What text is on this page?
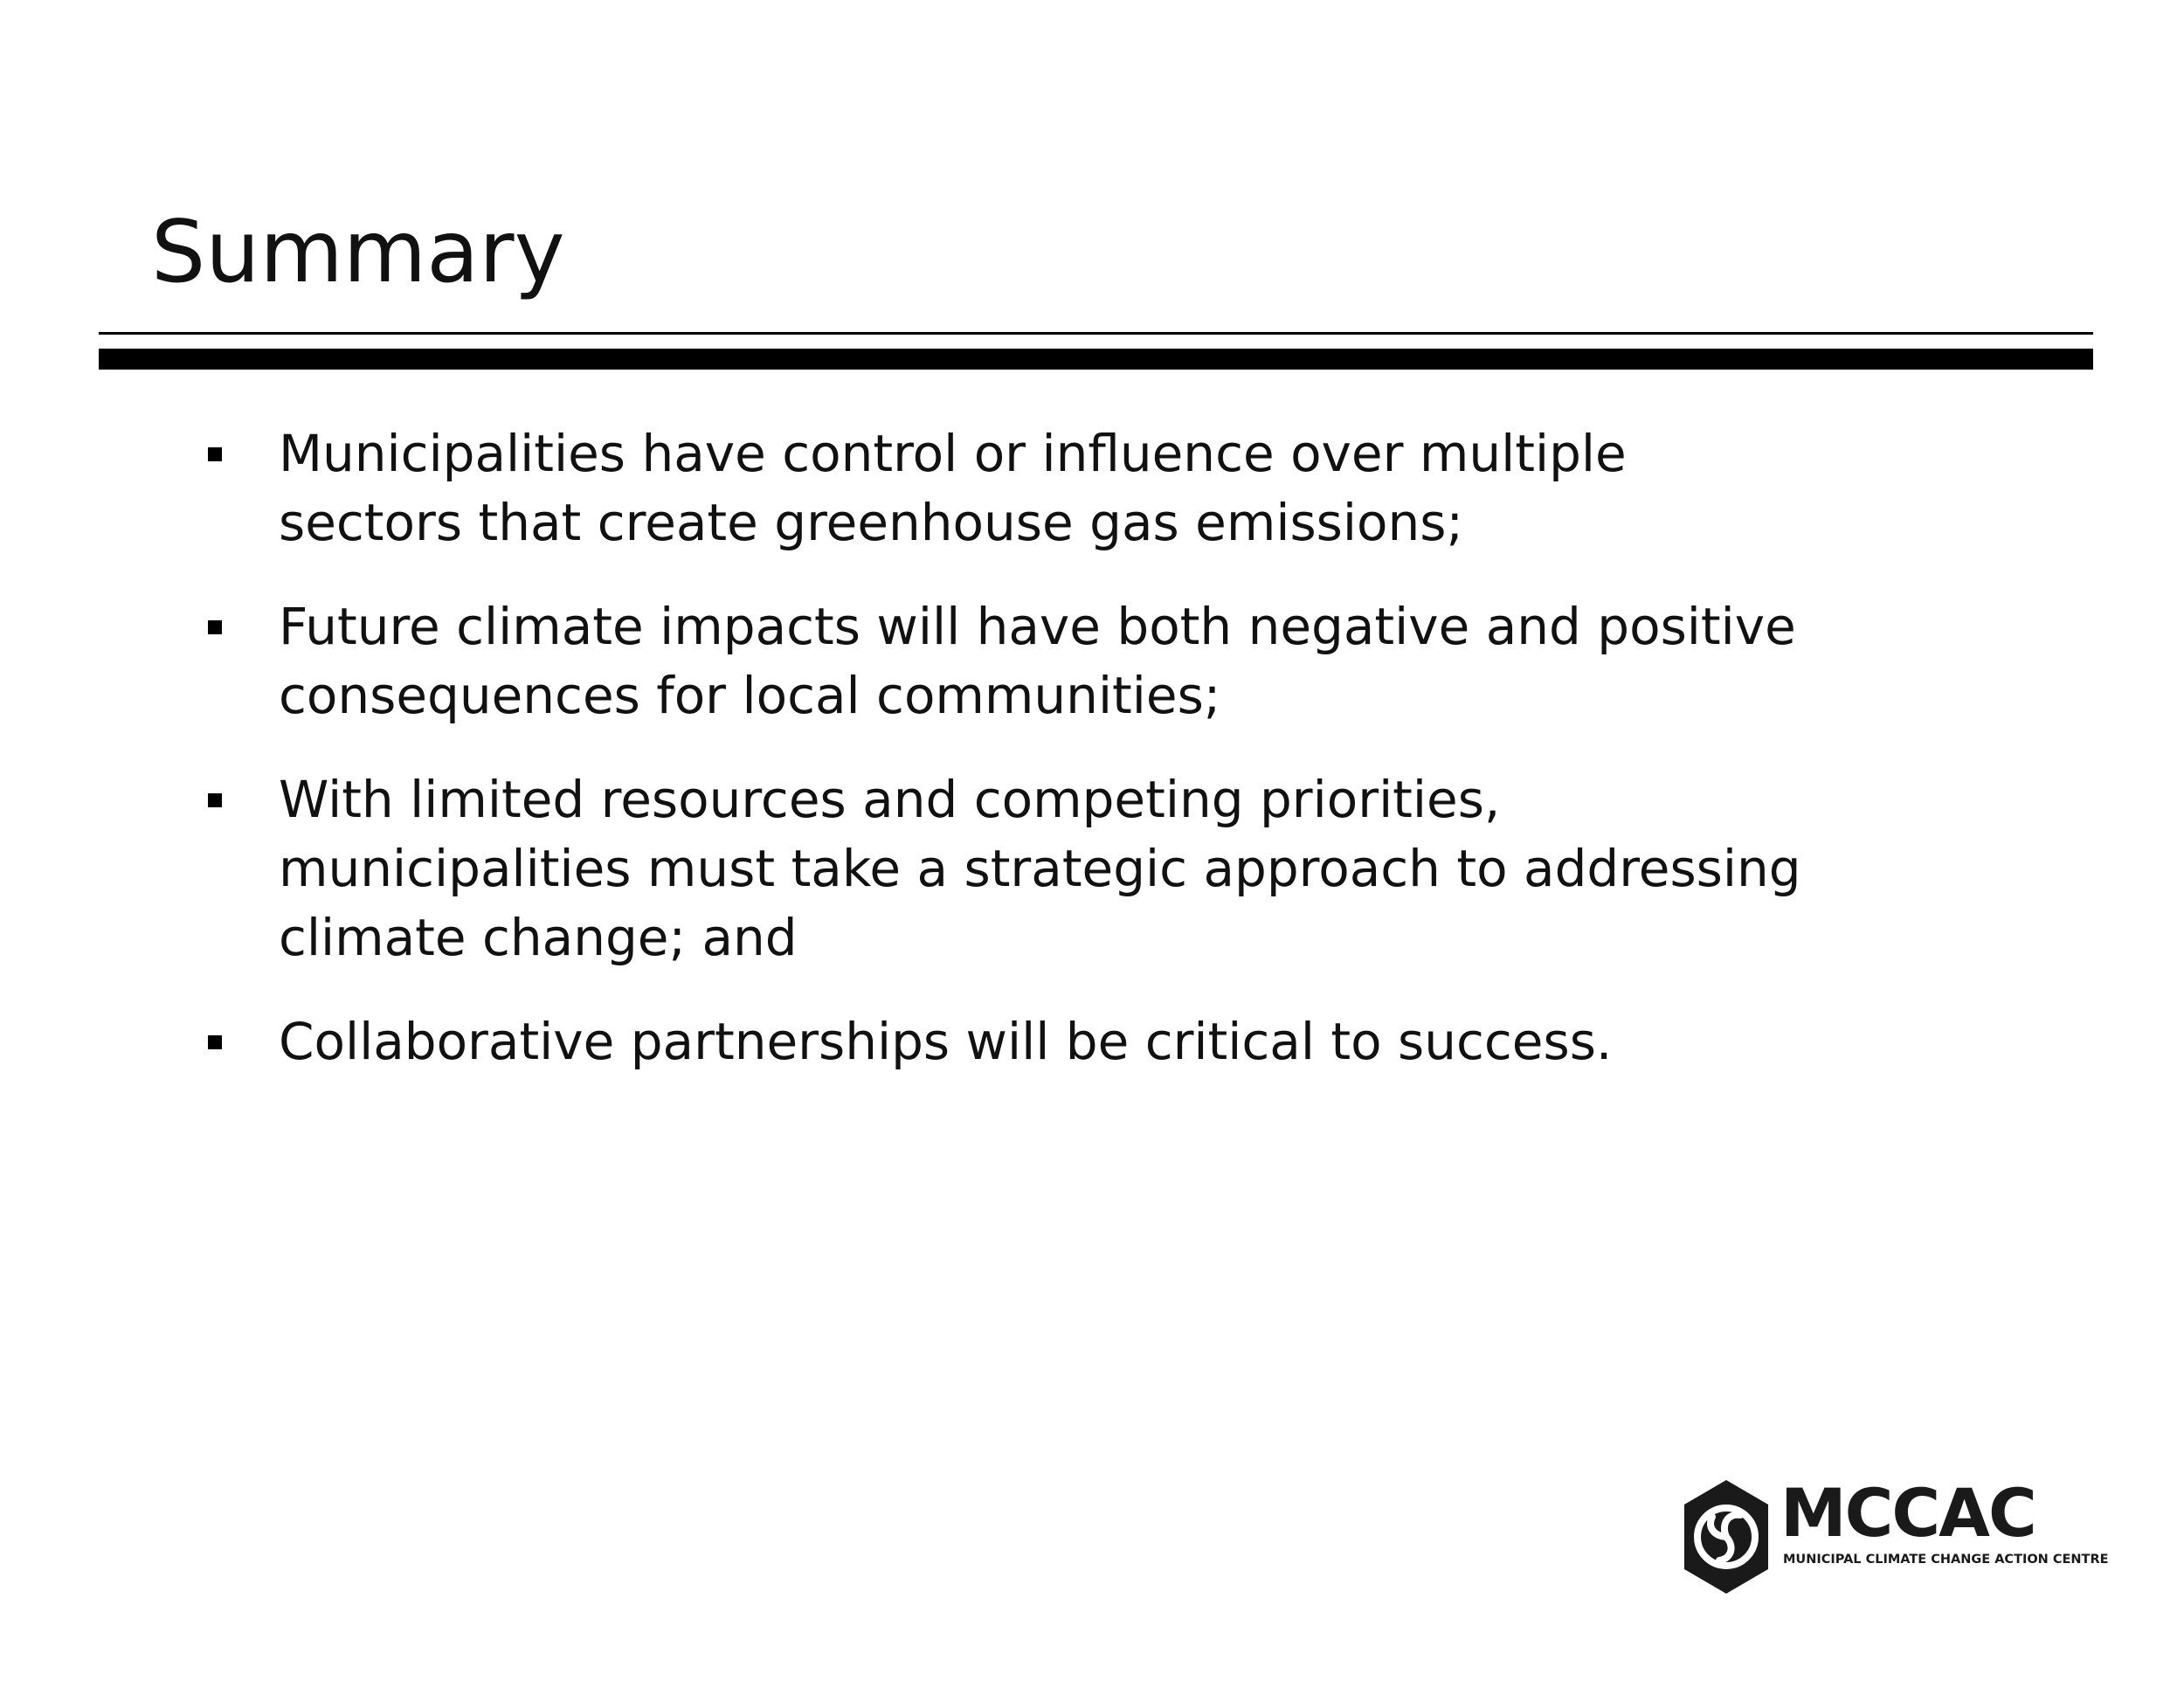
Summary
Municipalities have control or influence over multiple
sectors that create greenhouse gas emissions;
Future climate impacts will have both negative and positive
consequences for local communities;
With limited resources and competing priorities,
municipalities must take a strategic approach to addressing
climate change; and
Collaborative partnerships will be critical to success.
MCCAC
MUNICIPAL CLIMATE CHANGE ACTION CENTRE
